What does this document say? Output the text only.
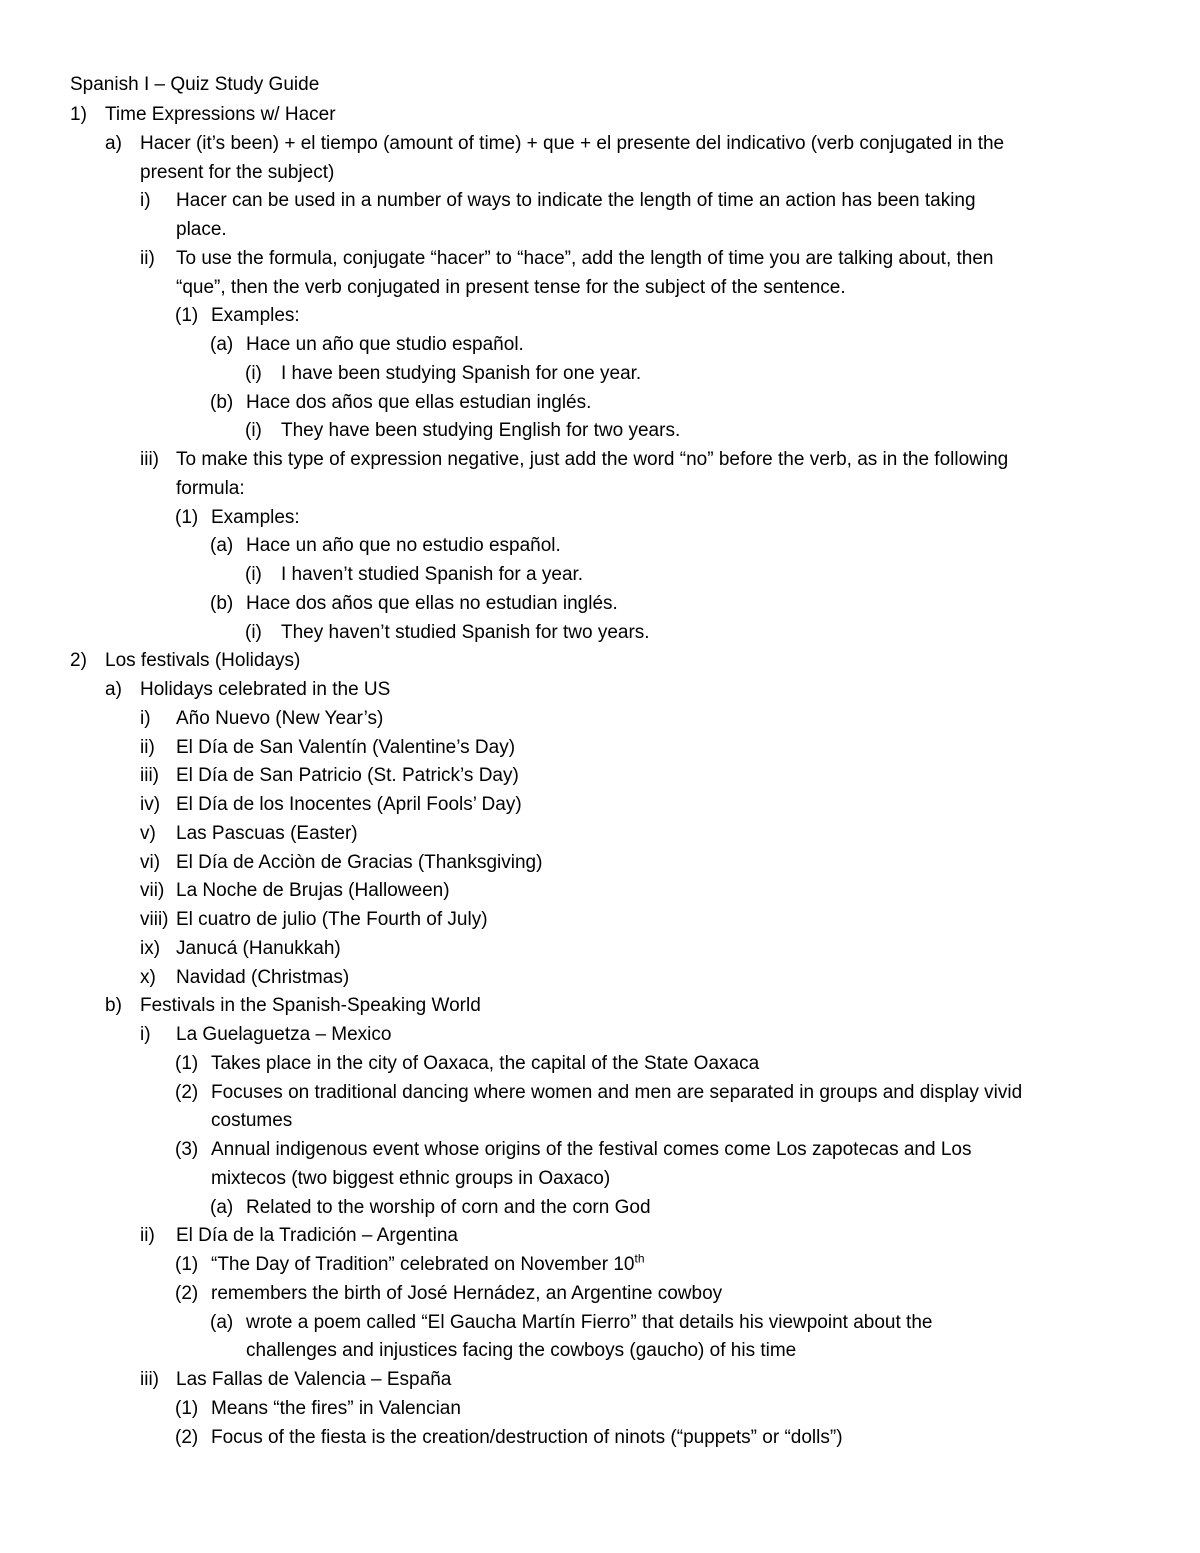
Spanish I – Quiz Study Guide
1) Time Expressions w/ Hacer
a) Hacer (it’s been) + el tiempo (amount of time) + que + el presente del indicativo (verb conjugated in the
present for the subject)
i) Hacer can be used in a number of ways to indicate the length of time an action has been taking
place.
ii) To use the formula, conjugate “hacer” to “hace”, add the length of time you are talking about, then
“que”, then the verb conjugated in present tense for the subject of the sentence.
(1) Examples:
(a) Hace un año que studio español.
(i) I have been studying Spanish for one year.
(b) Hace dos años que ellas estudian inglés.
(i) They have been studying English for two years.
iii) To make this type of expression negative, just add the word “no” before the verb, as in the following
formula:
(1) Examples:
(a) Hace un año que no estudio español.
(i) I haven’t studied Spanish for a year.
(b) Hace dos años que ellas no estudian inglés.
(i) They haven’t studied Spanish for two years.
2) Los festivals (Holidays)
a) Holidays celebrated in the US
i) Año Nuevo (New Year’s)
ii) El Día de San Valentín (Valentine’s Day)
iii) El Día de San Patricio (St. Patrick’s Day)
iv) El Día de los Inocentes (April Fools’ Day)
v) Las Pascuas (Easter)
vi) El Día de Acciòn de Gracias (Thanksgiving)
vii) La Noche de Brujas (Halloween)
viii) El cuatro de julio (The Fourth of July)
ix) Janucá (Hanukkah)
x) Navidad (Christmas)
b) Festivals in the Spanish-Speaking World
i) La Guelaguetza – Mexico
(1) Takes place in the city of Oaxaca, the capital of the State Oaxaca
(2) Focuses on traditional dancing where women and men are separated in groups and display vivid
costumes
(3) Annual indigenous event whose origins of the festival comes come Los zapotecas and Los
mixtecos (two biggest ethnic groups in Oaxaco)
(a) Related to the worship of corn and the corn God
ii) El Día de la Tradición – Argentina
(1) “The Day of Tradition” celebrated on November 10th
(2) remembers the birth of José Hernádez, an Argentine cowboy
(a) wrote a poem called “El Gaucha Martín Fierro” that details his viewpoint about the
challenges and injustices facing the cowboys (gaucho) of his time
iii) Las Fallas de Valencia – España
(1) Means “the fires” in Valencian
(2) Focus of the fiesta is the creation/destruction of ninots (“puppets” or “dolls”)
